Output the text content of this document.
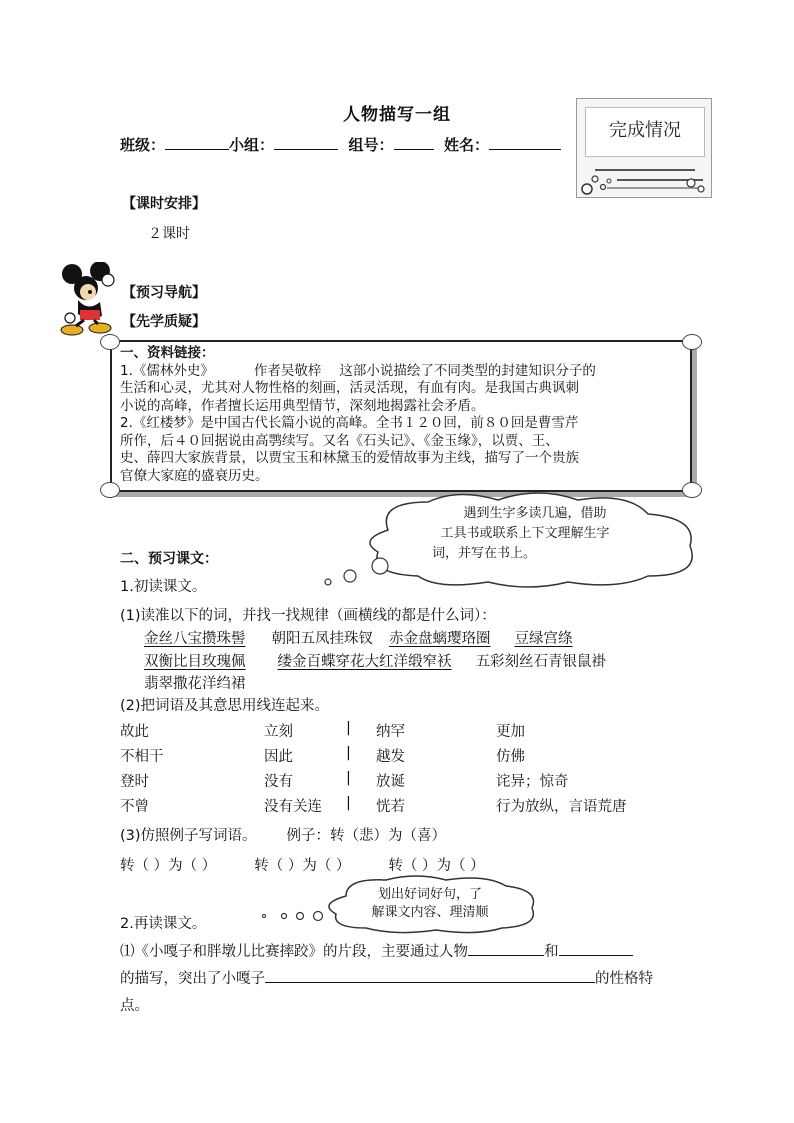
人物描写一组
班级：	小组：	组号：	姓名：
完成情况
【课时安排】
２课时
【预习导航】
【先学质疑】
一、资料链接：
1.《儒林外史》	作者吴敬梓 这部小说描绘了不同类型的封建知识分子的
生活和心灵，尤其对人物性格的刻画，活灵活现，有血有肉。是我国古典讽刺
小说的高峰，作者擅长运用典型情节，深刻地揭露社会矛盾。
2.《红楼梦》是中国古代长篇小说的高峰。全书１２０回，前８０回是曹雪芹
所作，后４０回据说由高鹗续写。又名《石头记》、《金玉缘》，以贾、王、
史、薛四大家族背景，以贾宝玉和林黛玉的爱情故事为主线，描写了一个贵族
官僚大家庭的盛衰历史。
遇到生字多读几遍，借助
工具书或联系上下文理解生字
词，并写在书上。
二、预习课文：
1.初读课文。
(1)读准以下的词，并找一找规律（画横线的都是什么词）：
金丝八宝攒珠髻 朝阳五凤挂珠钗 赤金盘螭璎珞圈 豆绿宫绦
双衡比目玫瑰佩 缕金百蝶穿花大红洋缎窄袄 五彩刻丝石青银鼠褂
翡翠撒花洋绉裙
(2)把词语及其意思用线连起来。
故此	立刻	| 纳罕	更加
不相干	因此	| 越发	仿佛
登时	没有	| 放诞	诧异；惊奇
不曾	没有关连 | 恍若	行为放纵，言语荒唐
(3)仿照例子写词语。 例子：转（悲）为（喜）
转（ ）为（ ）	转（ ）为（ ）	转（ ）为（ ）
划出好词好句，了
解课文内容、理清顺
2.再读课文。
⑴《小嘎子和胖墩儿比赛摔跤》的片段，主要通过人物	和
的描写，突出了小嘎子	的性格特
点。
